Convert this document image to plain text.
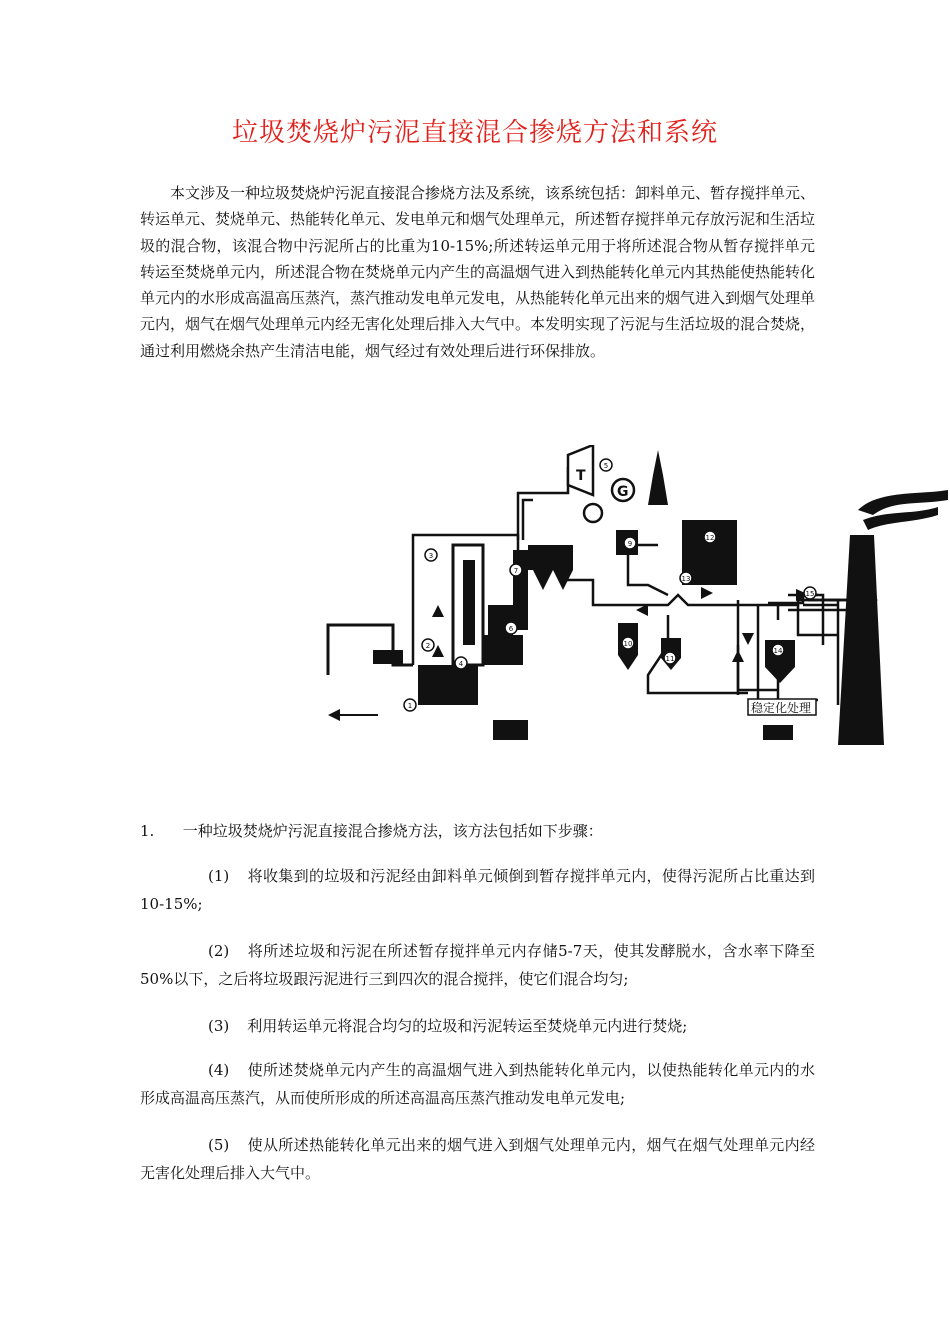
垃圾焚烧炉污泥直接混合掺烧方法和系统
本文涉及一种垃圾焚烧炉污泥直接混合掺烧方法及系统，该系统包括：卸料单元、暂存搅拌单元、转运单元、焚烧单元、热能转化单元、发电单元和烟气处理单元，所述暂存搅拌单元存放污泥和生活垃圾的混合物，该混合物中污泥所占的比重为10-15%;所述转运单元用于将所述混合物从暂存搅拌单元转运至焚烧单元内，所述混合物在焚烧单元内产生的高温烟气进入到热能转化单元内其热能使热能转化单元内的水形成高温高压蒸汽，蒸汽推动发电单元发电，从热能转化单元出来的烟气进入到烟气处理单元内，烟气在烟气处理单元内经无害化处理后排入大气中。本发明实现了污泥与生活垃圾的混合焚烧，通过利用燃烧余热产生清洁电能，烟气经过有效处理后进行环保排放。
T
G
稳定化处理
1
2
3
4
5
6
7
9
10
11
12
13
14
15
1. 一种垃圾焚烧炉污泥直接混合掺烧方法，该方法包括如下步骤：
(1) 将收集到的垃圾和污泥经由卸料单元倾倒到暂存搅拌单元内，使得污泥所占比重达到10-15%;
(2) 将所述垃圾和污泥在所述暂存搅拌单元内存储5-7天，使其发酵脱水，含水率下降至50%以下，之后将垃圾跟污泥进行三到四次的混合搅拌，使它们混合均匀;
(3) 利用转运单元将混合均匀的垃圾和污泥转运至焚烧单元内进行焚烧;
(4) 使所述焚烧单元内产生的高温烟气进入到热能转化单元内，以使热能转化单元内的水形成高温高压蒸汽，从而使所形成的所述高温高压蒸汽推动发电单元发电;
(5) 使从所述热能转化单元出来的烟气进入到烟气处理单元内，烟气在烟气处理单元内经无害化处理后排入大气中。
